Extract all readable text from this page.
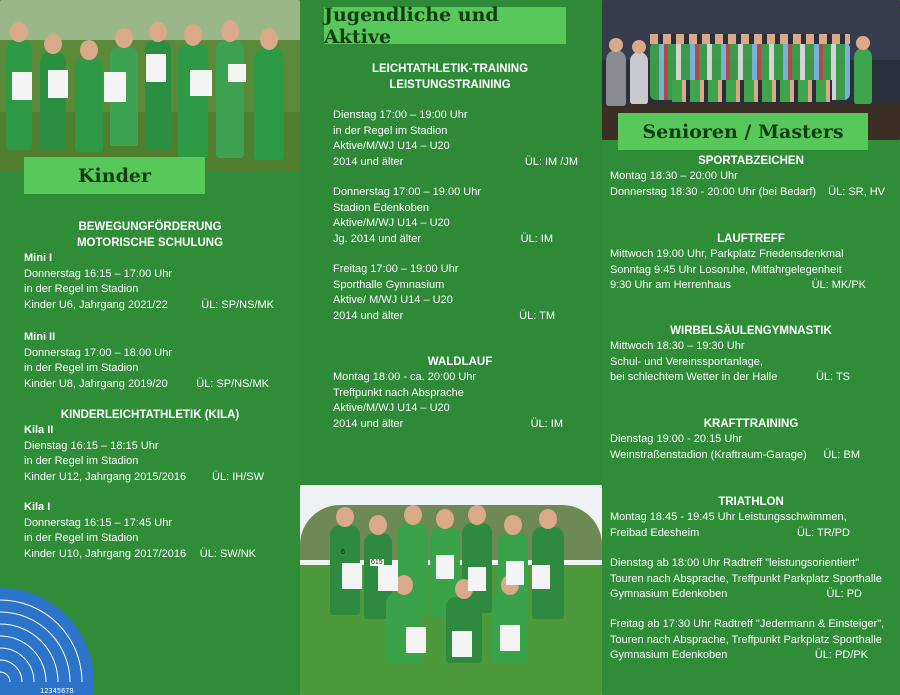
Kinder
BEWEGUNGFÖRDERUNG
MOTORISCHE SCHULUNG
Mini I
Donnerstag 16:15 – 17:00 Uhr
in der Regel im Stadion
Kinder U6, Jahrgang 2021/22	ÜL: SP/NS/MK
Mini II
Donnerstag 17:00 – 18:00 Uhr
in der Regel im Stadion
Kinder U8, Jahrgang 2019/20	ÜL: SP/NS/MK
KINDERLEICHTATHLETIK (KILA)
Kila II
Dienstag 16:15 – 18:15 Uhr
in der Regel im Stadion
Kinder U12, Jahrgang 2015/2016	ÜL: IH/SW
Kila I
Donnerstag 16:15 – 17:45 Uhr
in der Regel im Stadion
Kinder U10, Jahrgang 2017/2016	ÜL: SW/NK
12345678
Jugendliche und Aktive
LEICHTATHLETIK-TRAINING
LEISTUNGSTRAINING
Dienstag 17:00 – 19:00 Uhr
in der Regel im Stadion
Aktive/M/WJ U14 – U20
2014 und älter	ÜL: IM /JM
Donnerstag 17:00 – 19:00 Uhr
Stadion Edenkoben
Aktive/M/WJ U14 – U20
Jg. 2014 und älter	ÜL: IM
Freitag 17:00 – 19:00 Uhr
Sporthalle Gymnasium
Aktive/ M/WJ U14 – U20
2014 und älter	ÜL: TM
WALDLAUF
Montag 18:00 - ca. 20:00 Uhr
Treffpunkt nach Absprache
Aktive/M/WJ U14 – U20
2014 und älter	ÜL: IM
6
615
Senioren / Masters
SPORTABZEICHEN
Montag 18:30 – 20:00 Uhr
Donnerstag 18:30 - 20:00 Uhr (bei Bedarf)	ÜL: SR, HV
LAUFTREFF
Mittwoch 19:00 Uhr, Parkplatz Friedensdenkmal
Sonntag 9:45 Uhr Losoruhe, Mitfahrgelegenheit
9:30 Uhr am Herrenhaus	ÜL: MK/PK
WIRBELSÄULENGYMNASTIK
Mittwoch 18:30 – 19:30 Uhr
Schul- und Vereinssportanlage,
bei schlechtem Wetter in der Halle	ÜL: TS
KRAFTTRAINING
Dienstag 19:00 - 20:15 Uhr
Weinstraßenstadion (Kraftraum-Garage)	ÜL: BM
TRIATHLON
Montag 18:45 - 19:45 Uhr Leistungsschwimmen,
Freibad Edesheim	ÜL: TR/PD
Dienstag ab 18:00 Uhr Radtreff "leistungsorientiert"
Touren nach Absprache, Treffpunkt Parkplatz Sporthalle
Gymnasium Edenkoben	ÜL: PD
Freitag ab 17:30 Uhr Radtreff "Jedermann & Einsteiger",
Touren nach Absprache, Treffpunkt Parkplatz Sporthalle
Gymnasium Edenkoben	ÜL: PD/PK
